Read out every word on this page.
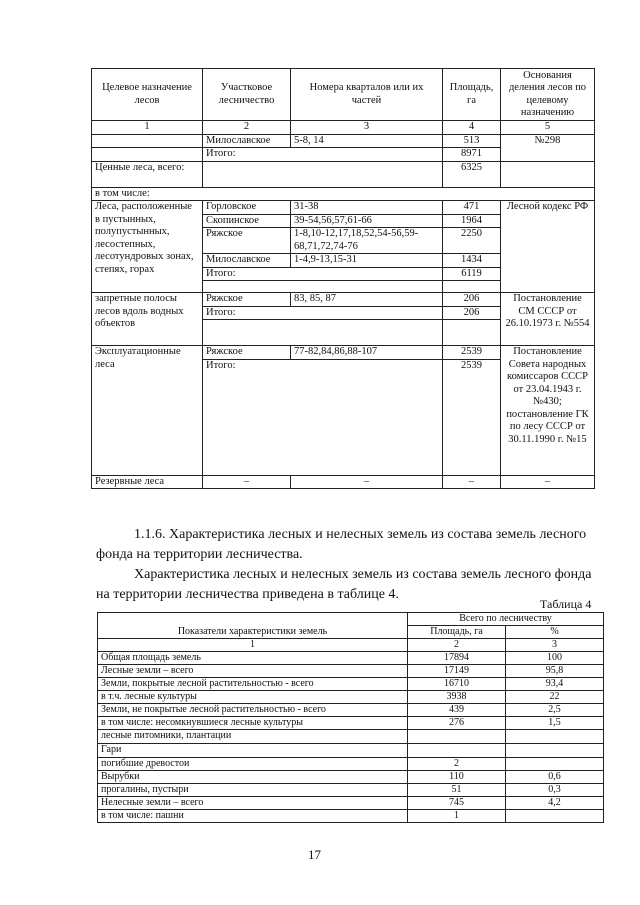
Целевое назначение лесов	Участковое лесничество	Номера кварталов или их частей	Площадь, га	Основания деления лесов по целевому назначению
1	2	3	4	5
	Милославское	5-8, 14	513	№298
	Итого:		8971	
Ценные леса, всего:			6325	
в том числе:				
Леса, расположенные в пустынных, полупустынных, лесостепных, лесотундровых зонах, степях, горах	Горловское	31-38	471	Лесной кодекс РФ
	Скопинское	39-54,56,57,61-66	1964	
	Ряжское	1-8,10-12,17,18,52,54-56,59-68,71,72,74-76	2250	
	Милославское	1-4,9-13,15-31	1434	
	Итого:		6119	

запретные полосы лесов вдоль водных объектов	Ряжское	83, 85, 87	206	Постановление СМ СССР от 26.10.1973 г. №554
	Итого:		206	

Эксплуатационные леса	Ряжское	77-82,84,86,88-107	2539	Постановление Совета народных комиссаров СССР от 23.04.1943 г. №430; постановление ГК по лесу СССР от 30.11.1990 г. №15
	Итого:		2539	
Резервные леса	–	–	–	–
1.1.6. Характеристика лесных и нелесных земель из состава земель лесного фонда на территории лесничества.
Характеристика лесных и нелесных земель из состава земель лесного фонда на территории лесничества приведена в таблице 4.
Таблица 4
Показатели характеристики земель	Всего по лесничеству	
	Площадь, га	%
1	2	3
Общая площадь земель	17894	100
Лесные земли – всего	17149	95,8
Земли, покрытые лесной растительностью - всего	16710	93,4
в т.ч. лесные культуры	3938	22
Земли, не покрытые лесной растительностью - всего	439	2,5
в том числе: несомкнувшиеся лесные культуры	276	1,5
лесные питомники, плантации		
Гари		
погибшие древостои	2	
Вырубки	110	0,6
прогалины, пустыри	51	0,3
Нелесные земли – всего	745	4,2
в том числе: пашни	1	
17
